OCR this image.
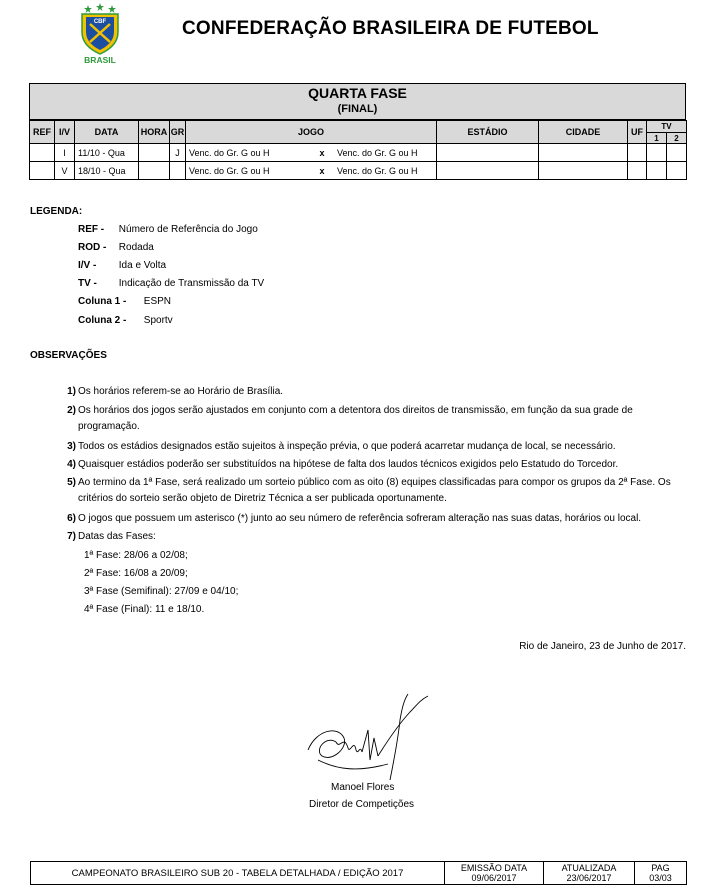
CBF
BRASIL
CONFEDERAÇÃO BRASILEIRA DE FUTEBOL
QUARTA FASE
(FINAL)
REF	I/V	DATA	HORA	GR	JOGO	ESTÁDIO	CIDADE	UF	TV	
									1	2
	I	11/10 - Qua		J	Venc. do Gr. G ou H x Venc. do Gr. G ou H					

	V	18/10 - Qua			Venc. do Gr. G ou H x Venc. do Gr. G ou H					

LEGENDA:
REF - Número de Referência do Jogo
ROD - Rodada
I/V - Ida e Volta
TV - Indicação de Transmissão da TV
Coluna 1 - ESPN
Coluna 2 - Sportv
OBSERVAÇÕES
1) Os horários referem-se ao Horário de Brasília.
2) Os horários dos jogos serão ajustados em conjunto com a detentora dos direitos de transmissão, em função da sua grade de programação.
3) Todos os estádios designados estão sujeitos à inspeção prévia, o que poderá acarretar mudança de local, se necessário.
4) Quaisquer estádios poderão ser substituídos na hipótese de falta dos laudos técnicos exigidos pelo Estatudo do Torcedor.
5) Ao termino da 1ª Fase, será realizado um sorteio público com as oito (8) equipes classificadas para compor os grupos da 2ª Fase. Os critérios do sorteio serão objeto de Diretriz Técnica a ser publicada oportunamente.
6) O jogos que possuem um asterisco (*) junto ao seu número de referência sofreram alteração nas suas datas, horários ou local.
7) Datas das Fases:
1ª Fase: 28/06 a 02/08;
2ª Fase: 16/08 a 20/09;
3ª Fase (Semifinal): 27/09 e 04/10;
4ª Fase (Final): 11 e 18/10.
Rio de Janeiro, 23 de Junho de 2017.
Manoel Flores
Diretor de Competições
CAMPEONATO BRASILEIRO SUB 20 - TABELA DETALHADA / EDIÇÃO 2017	EMISSÃO DATA
09/06/2017
ATUALIZADA
23/06/2017
PAG
03/03
